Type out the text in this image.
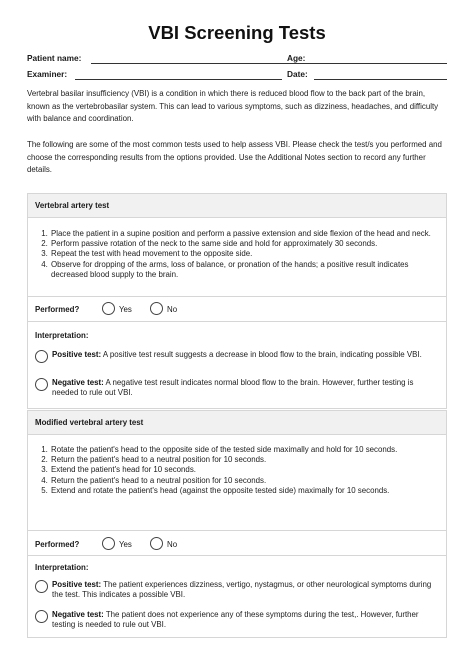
VBI Screening Tests
Patient name:	Age:
Examiner:	Date:

Vertebral basilar insufficiency (VBI) is a condition in which there is reduced blood flow to the back part of the brain, known as the vertebrobasilar system. This can lead to various symptoms, such as dizziness, headaches, and difficulty with balance and coordination.

The following are some of the most common tests used to help assess VBI. Please check the test/s you performed and choose the corresponding results from the options provided. Use the Additional Notes section to record any further details.

Vertebral artery test
1. Place the patient in a supine position and perform a passive extension and side flexion of the head and neck.
2. Perform passive rotation of the neck to the same side and hold for approximately 30 seconds.
3. Repeat the test with head movement to the opposite side.
4. Observe for dropping of the arms, loss of balance, or pronation of the hands; a positive result indicates decreased blood supply to the brain.
Performed?	Yes	No
Interpretation:
Positive test: A positive test result suggests a decrease in blood flow to the brain, indicating possible VBI.
Negative test: A negative test result indicates normal blood flow to the brain. However, further testing is needed to rule out VBI.
Modified vertebral artery test
1. Rotate the patient's head to the opposite side of the tested side maximally and hold for 10 seconds.
2. Return the patient's head to a neutral position for 10 seconds.
3. Extend the patient's head for 10 seconds.
4. Return the patient's head to a neutral position for 10 seconds.
5. Extend and rotate the patient's head (against the opposite tested side) maximally for 10 seconds.
Performed?	Yes	No
Interpretation:
Positive test: The patient experiences dizziness, vertigo, nystagmus, or other neurological symptoms during the test. This indicates a possible VBI.
Negative test: The patient does not experience any of these symptoms during the test,. However, further testing is needed to rule out VBI.
